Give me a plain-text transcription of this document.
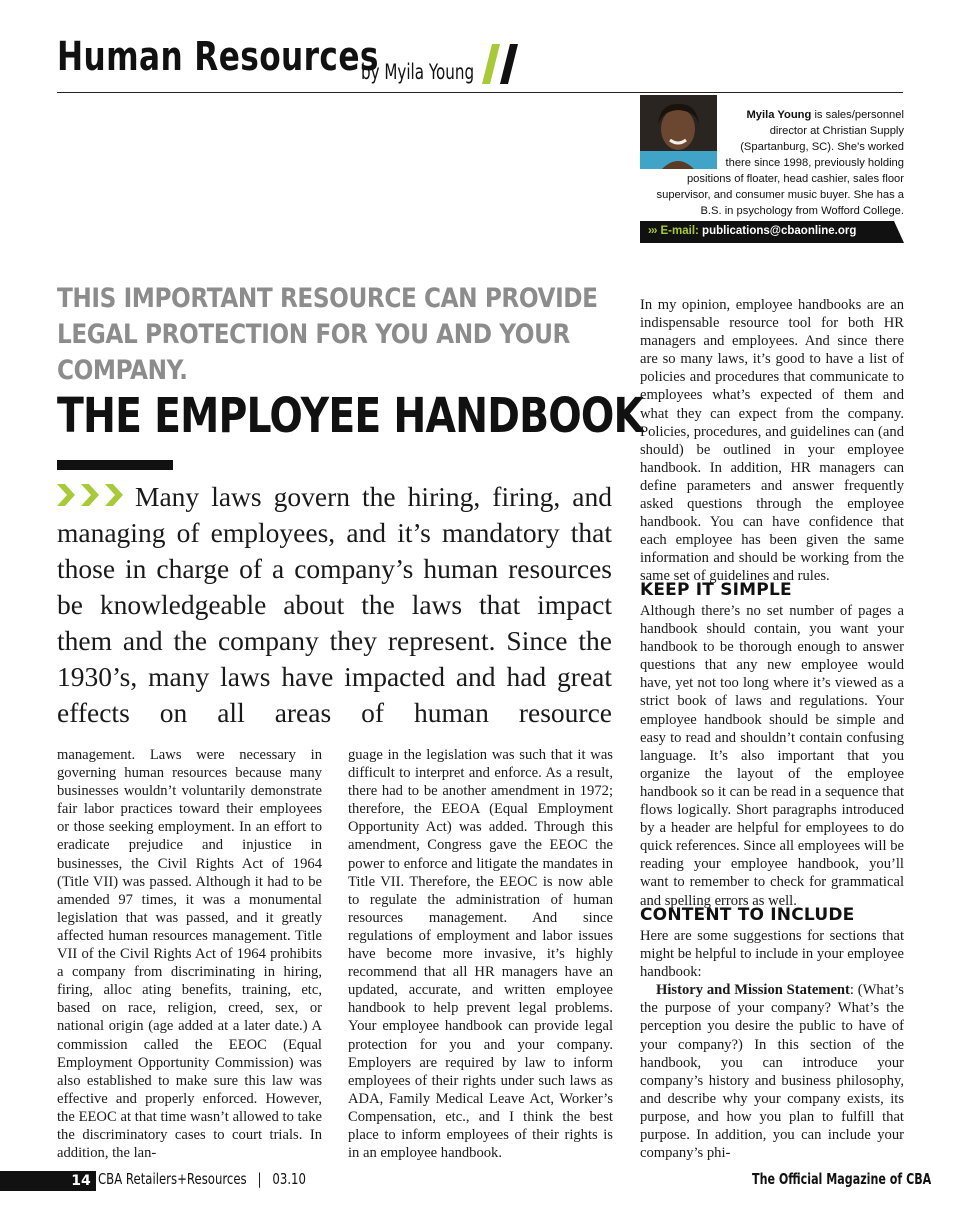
Human Resources
by Myila Young
Myila Young is sales/personnel director at Christian Supply (Spartanburg, SC). She's worked there since 1998, previously holding positions of floater, head cashier, sales floor supervisor, and consumer music buyer. She has a B.S. in psychology from Wofford College.
››› E-mail: publications@cbaonline.org
THIS IMPORTANT RESOURCE CAN PROVIDE LEGAL PROTECTION FOR YOU AND YOUR COMPANY.
THE EMPLOYEE HANDBOOK
Many laws govern the hiring, firing, and managing of employees, and it’s mandatory that those in charge of a company’s human resources be knowledgeable about the laws that impact them and the company they represent. Since the 1930’s, many laws have impacted and had great effects on all areas of human resource

management. Laws were necessary in governing human resources because many businesses wouldn’t voluntarily demonstrate fair labor practices toward their employees or those seeking employment. In an effort to eradicate prejudice and injustice in businesses, the Civil Rights Act of 1964 (Title VII) was passed. Although it had to be amended 97 times, it was a monumental legislation that was passed, and it greatly affected human resources management. Title VII of the Civil Rights Act of 1964 prohibits a company from discriminating in hiring, firing, alloc ating benefits, training, etc, based on race, religion, creed, sex, or national origin (age added at a later date.) A commission called the EEOC (Equal Employment Opportunity Commission) was also established to make sure this law was effective and properly enforced. However, the EEOC at that time wasn’t allowed to take the discriminatory cases to court trials. In addition, the lan-

guage in the legislation was such that it was difficult to interpret and enforce. As a result, there had to be another amendment in 1972; therefore, the EEOA (Equal Employment Opportunity Act) was added. Through this amendment, Congress gave the EEOC the power to enforce and litigate the mandates in Title VII. Therefore, the EEOC is now able to regulate the administration of human resources management. And since regulations of employment and labor issues have become more invasive, it’s highly recommend that all HR managers have an updated, accurate, and written employee handbook to help prevent legal problems. Your employee handbook can provide legal protection for you and your company. Employers are required by law to inform employees of their rights under such laws as ADA, Family Medical Leave Act, Worker’s Compensation, etc., and I think the best place to inform employees of their rights is in an employee handbook.

In my opinion, employee handbooks are an indispensable resource tool for both HR managers and employees. And since there are so many laws, it’s good to have a list of policies and procedures that communicate to employees what’s expected of them and what they can expect from the company. Policies, procedures, and guidelines can (and should) be outlined in your employee handbook. In addition, HR managers can define parameters and answer frequently asked questions through the employee handbook. You can have confidence that each employee has been given the same information and should be working from the same set of guidelines and rules.

KEEP IT SIMPLE

Although there’s no set number of pages a handbook should contain, you want your handbook to be thorough enough to answer questions that any new employee would have, yet not too long where it’s viewed as a strict book of laws and regulations. Your employee handbook should be simple and easy to read and shouldn’t contain confusing language. It’s also important that you organize the layout of the employee handbook so it can be read in a sequence that flows logically. Short paragraphs introduced by a header are helpful for employees to do quick references. Since all employees will be reading your employee handbook, you’ll want to remember to check for grammatical and spelling errors as well.

CONTENT TO INCLUDE

Here are some suggestions for sections that might be helpful to include in your employee handbook:

History and Mission Statement: (What’s the purpose of your company? What’s the perception you desire the public to have of your company?) In this section of the handbook, you can introduce your company’s history and business philosophy, and describe why your company exists, its purpose, and how you plan to fulfill that purpose. In addition, you can include your company’s phi-

14 CBA Retailers+Resources | 03.10	The Official Magazine of CBA
